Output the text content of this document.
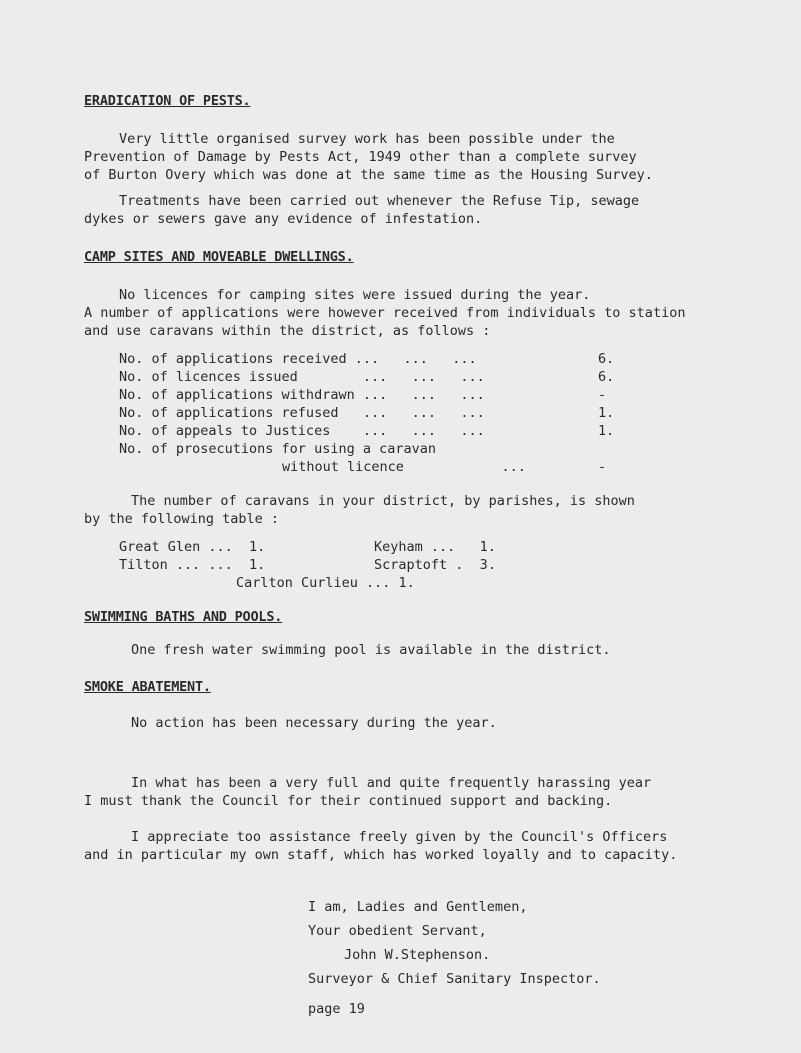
ERADICATION OF PESTS.
Very little organised survey work has been possible under the
Prevention of Damage by Pests Act, 1949 other than a complete survey
of Burton Overy which was done at the same time as the Housing Survey.
Treatments have been carried out whenever the Refuse Tip, sewage
dykes or sewers gave any evidence of infestation.
CAMP SITES AND MOVEABLE DWELLINGS.
No licences for camping sites were issued during the year.
A number of applications were however received from individuals to station
and use caravans within the district, as follows :
No. of applications received ...   ...   ...	6.
No. of licences issued        ...   ...   ...	6.
No. of applications withdrawn ...   ...   ...	-
No. of applications refused   ...   ...   ...	1.
No. of appeals to Justices    ...   ...   ...	1.
No. of prosecutions for using a caravan
without licence            ...	-
The number of caravans in your district, by parishes, is shown
by the following table :
Great Glen ...  1.	Keyham ...   1.
Tilton ... ...  1.	Scraptoft .  3.
Carlton Curlieu ... 1.
SWIMMING BATHS AND POOLS.
One fresh water swimming pool is available in the district.
SMOKE ABATEMENT.
No action has been necessary during the year.
In what has been a very full and quite frequently harassing year
I must thank the Council for their continued support and backing.
I appreciate too assistance freely given by the Council's Officers
and in particular my own staff, which has worked loyally and to capacity.
I am, Ladies and Gentlemen,
Your obedient Servant,
John W.Stephenson.
Surveyor & Chief Sanitary Inspector.
page 19
